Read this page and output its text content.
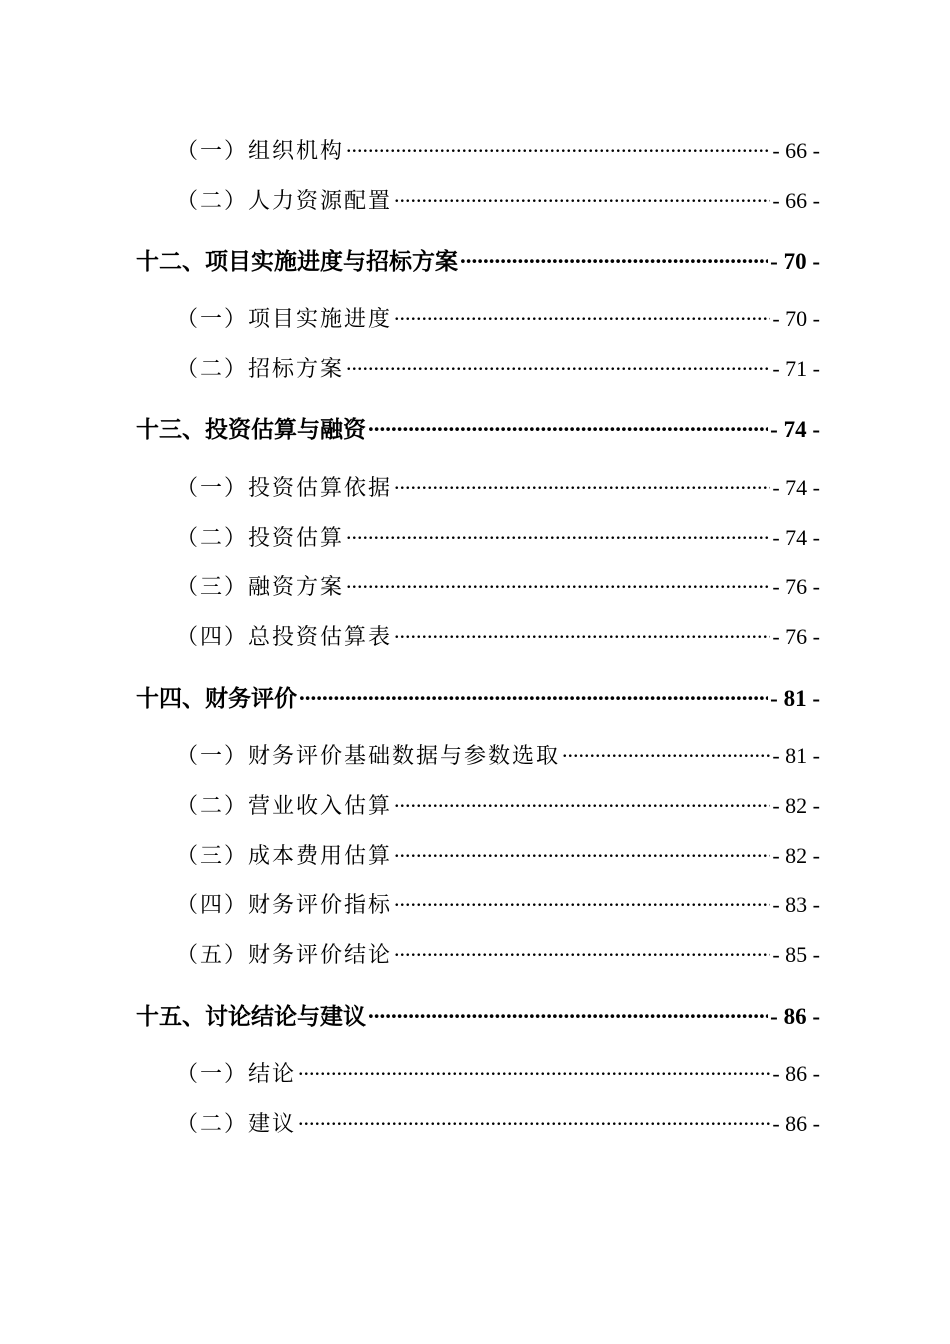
（一）组织机构 .....	- 66 -
（二）人力资源配置 .....	- 66 -
十二、项目实施进度与招标方案 .....	- 70 -
（一）项目实施进度 .....	- 70 -
（二）招标方案 .....	- 71 -
十三、投资估算与融资 .....	- 74 -
（一）投资估算依据 .....	- 74 -
（二）投资估算 .....	- 74 -
（三）融资方案 .....	- 76 -
（四）总投资估算表 .....	- 76 -
十四、财务评价 .....	- 81 -
（一）财务评价基础数据与参数选取 .....	- 81 -
（二）营业收入估算 .....	- 82 -
（三）成本费用估算 .....	- 82 -
（四）财务评价指标 .....	- 83 -
（五）财务评价结论 .....	- 85 -
十五、讨论结论与建议 .....	- 86 -
（一）结论 .....	- 86 -
（二）建议 .....	- 86 -
